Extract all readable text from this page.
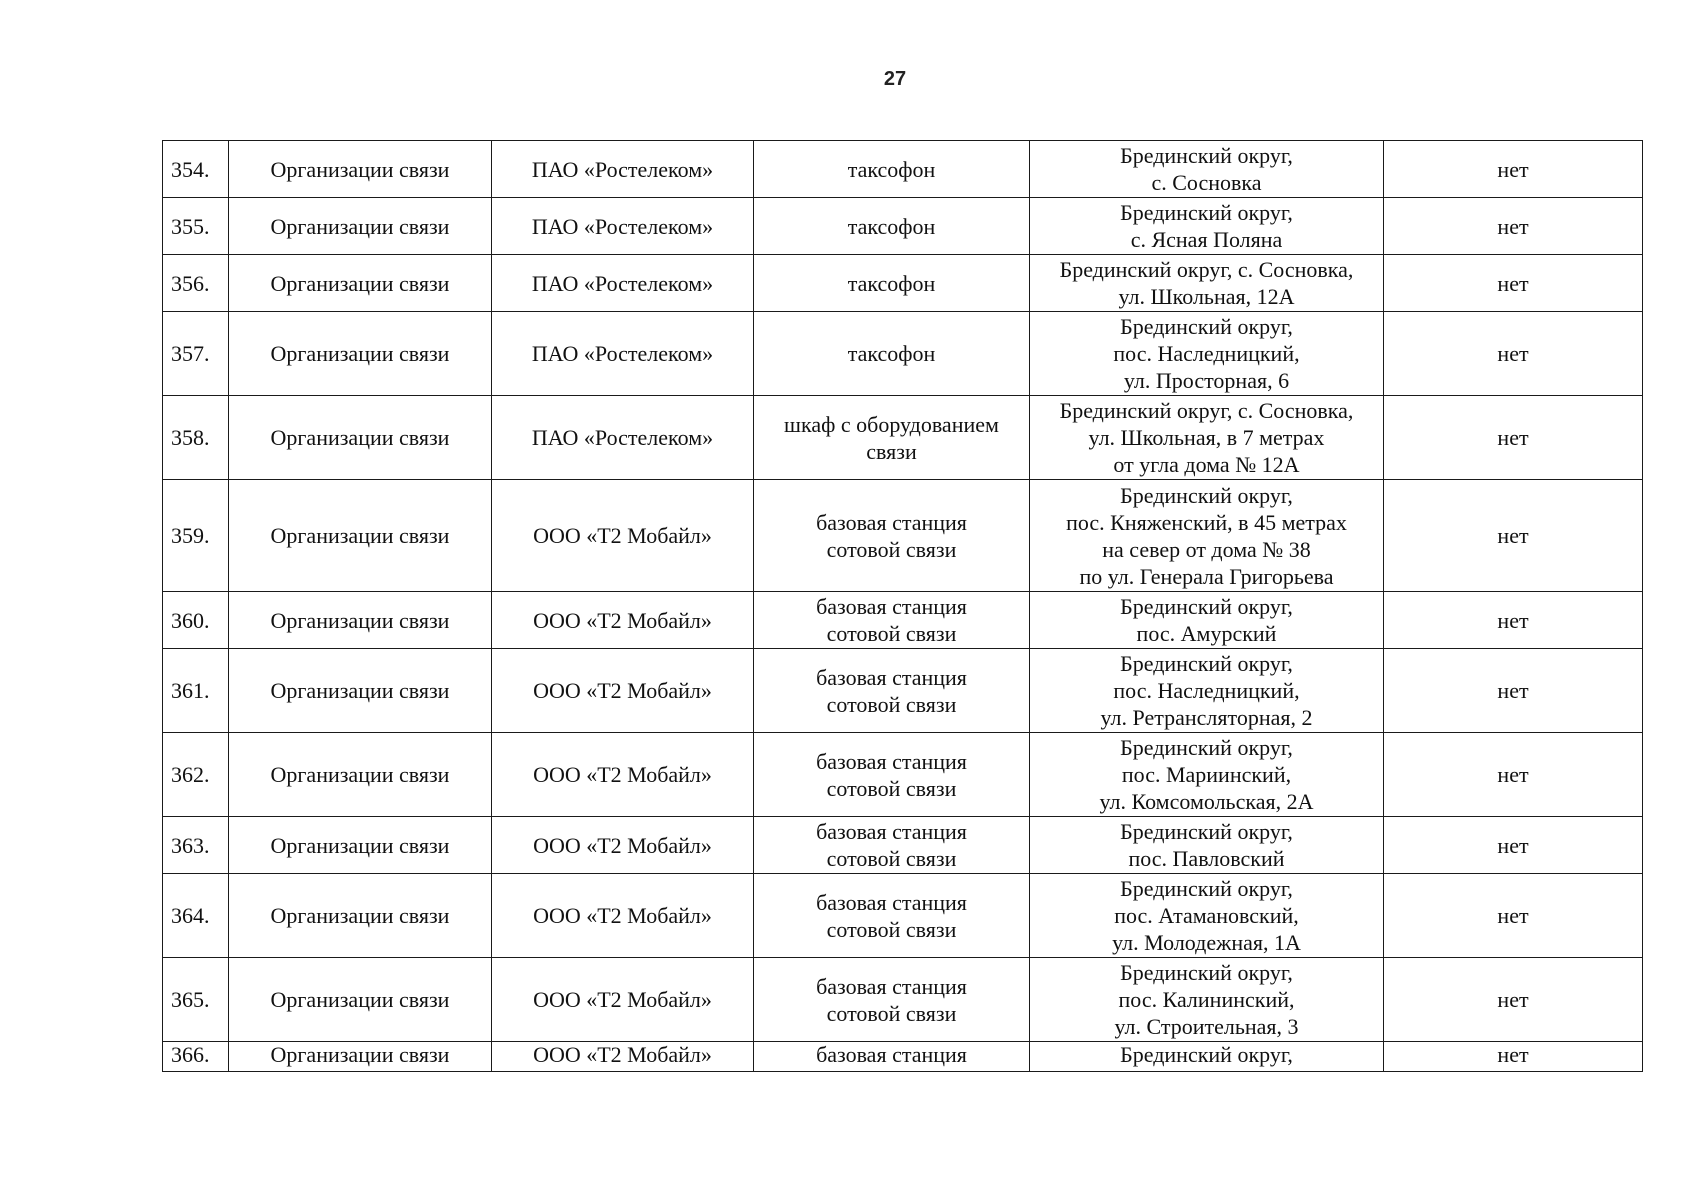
27
354.	Организации связи	ПАО «Ростелеком»	таксофон	Брединский округ,
с. Сосновка	нет
355.	Организации связи	ПАО «Ростелеком»	таксофон	Брединский округ,
с. Ясная Поляна	нет
356.	Организации связи	ПАО «Ростелеком»	таксофон	Брединский округ, с. Сосновка,
ул. Школьная, 12А	нет
357.	Организации связи	ПАО «Ростелеком»	таксофон	Брединский округ,
пос. Наследницкий,
ул. Просторная, 6	нет
358.	Организации связи	ПАО «Ростелеком»	шкаф с оборудованием
связи	Брединский округ, с. Сосновка,
ул. Школьная, в 7 метрах
от угла дома № 12А	нет
359.	Организации связи	ООО «Т2 Мобайл»	базовая станция
сотовой связи	Брединский округ,
пос. Княженский, в 45 метрах
на север от дома № 38
по ул. Генерала Григорьева	нет
360.	Организации связи	ООО «Т2 Мобайл»	базовая станция
сотовой связи	Брединский округ,
пос. Амурский	нет
361.	Организации связи	ООО «Т2 Мобайл»	базовая станция
сотовой связи	Брединский округ,
пос. Наследницкий,
ул. Ретрансляторная, 2	нет
362.	Организации связи	ООО «Т2 Мобайл»	базовая станция
сотовой связи	Брединский округ,
пос. Мариинский,
ул. Комсомольская, 2А	нет
363.	Организации связи	ООО «Т2 Мобайл»	базовая станция
сотовой связи	Брединский округ,
пос. Павловский	нет
364.	Организации связи	ООО «Т2 Мобайл»	базовая станция
сотовой связи	Брединский округ,
пос. Атамановский,
ул. Молодежная, 1А	нет
365.	Организации связи	ООО «Т2 Мобайл»	базовая станция
сотовой связи	Брединский округ,
пос. Калининский,
ул. Строительная, 3	нет
366.	Организации связи	ООО «Т2 Мобайл»	базовая станция	Брединский округ,	нет
